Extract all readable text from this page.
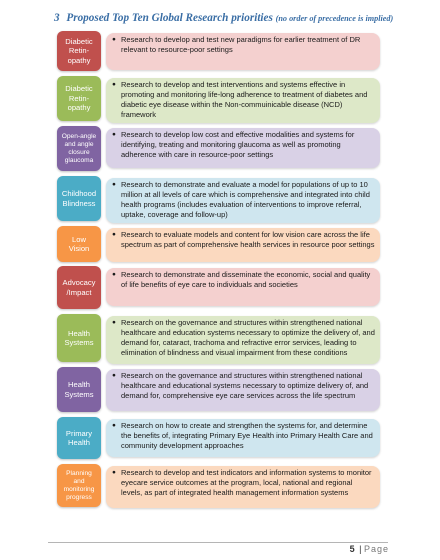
3 Proposed Top Ten Global Research priorities (no order of precedence is implied)
Diabetic
Retin-
opathy
● Research to develop and test new paradigms for earlier treatment of DR relevant to resource-poor settings
Diabetic
Retin-
opathy
● Research to develop and test interventions and systems effective in promoting and monitoring life-long adherence to treatment of diabetes and diabetic eye disease within the Non-commuinicable disease (NCD) framework
Open-angle
and angle
closure
glaucoma
● Research to develop low cost and effective modalities and systems for identifying, treating and monitoring glaucoma as well as promoting adherence with care in resource-poor settings
Childhood
Blindness
● Research to demonstrate and evaluate a model for populations of up to 10 million at all levels of care which is comprehensive and integrated into child health programs (includes evaluation of interventions to improve referral, uptake, coverage and follow-up)
Low
Vision
● Research to evaluate models and content for low vision care across the life spectrum as part of comprehensive health services in resource poor settings
Advocacy
/Impact
● Research to demonstrate and disseminate the economic, social and quality of life benefits of eye care to individuals and societies
Health
Systems
● Research on the governance and structures within strengthened national healthcare and education systems necessary to optimize the delivery of, and demand for, cataract, trachoma and refractive error services, leading to elimination of blindness and visual impairment from these conditions
Health
Systems
● Research on the governance and structures within strengthened national healthcare and educational systems necessary to optimize delivery of, and demand for, comprehensive eye care services across the life spectrum
Primary
Health
● Research on how to create and strengthen the systems for, and determine the benefits of, integrating Primary Eye Health into Primary Health Care and community development approaches
Planning
and
monitoring
progress
● Research to develop and test indicators and information systems to monitor eyecare service outcomes at the program, local, national and regional levels, as part of integrated health management information systems
5 | Page
